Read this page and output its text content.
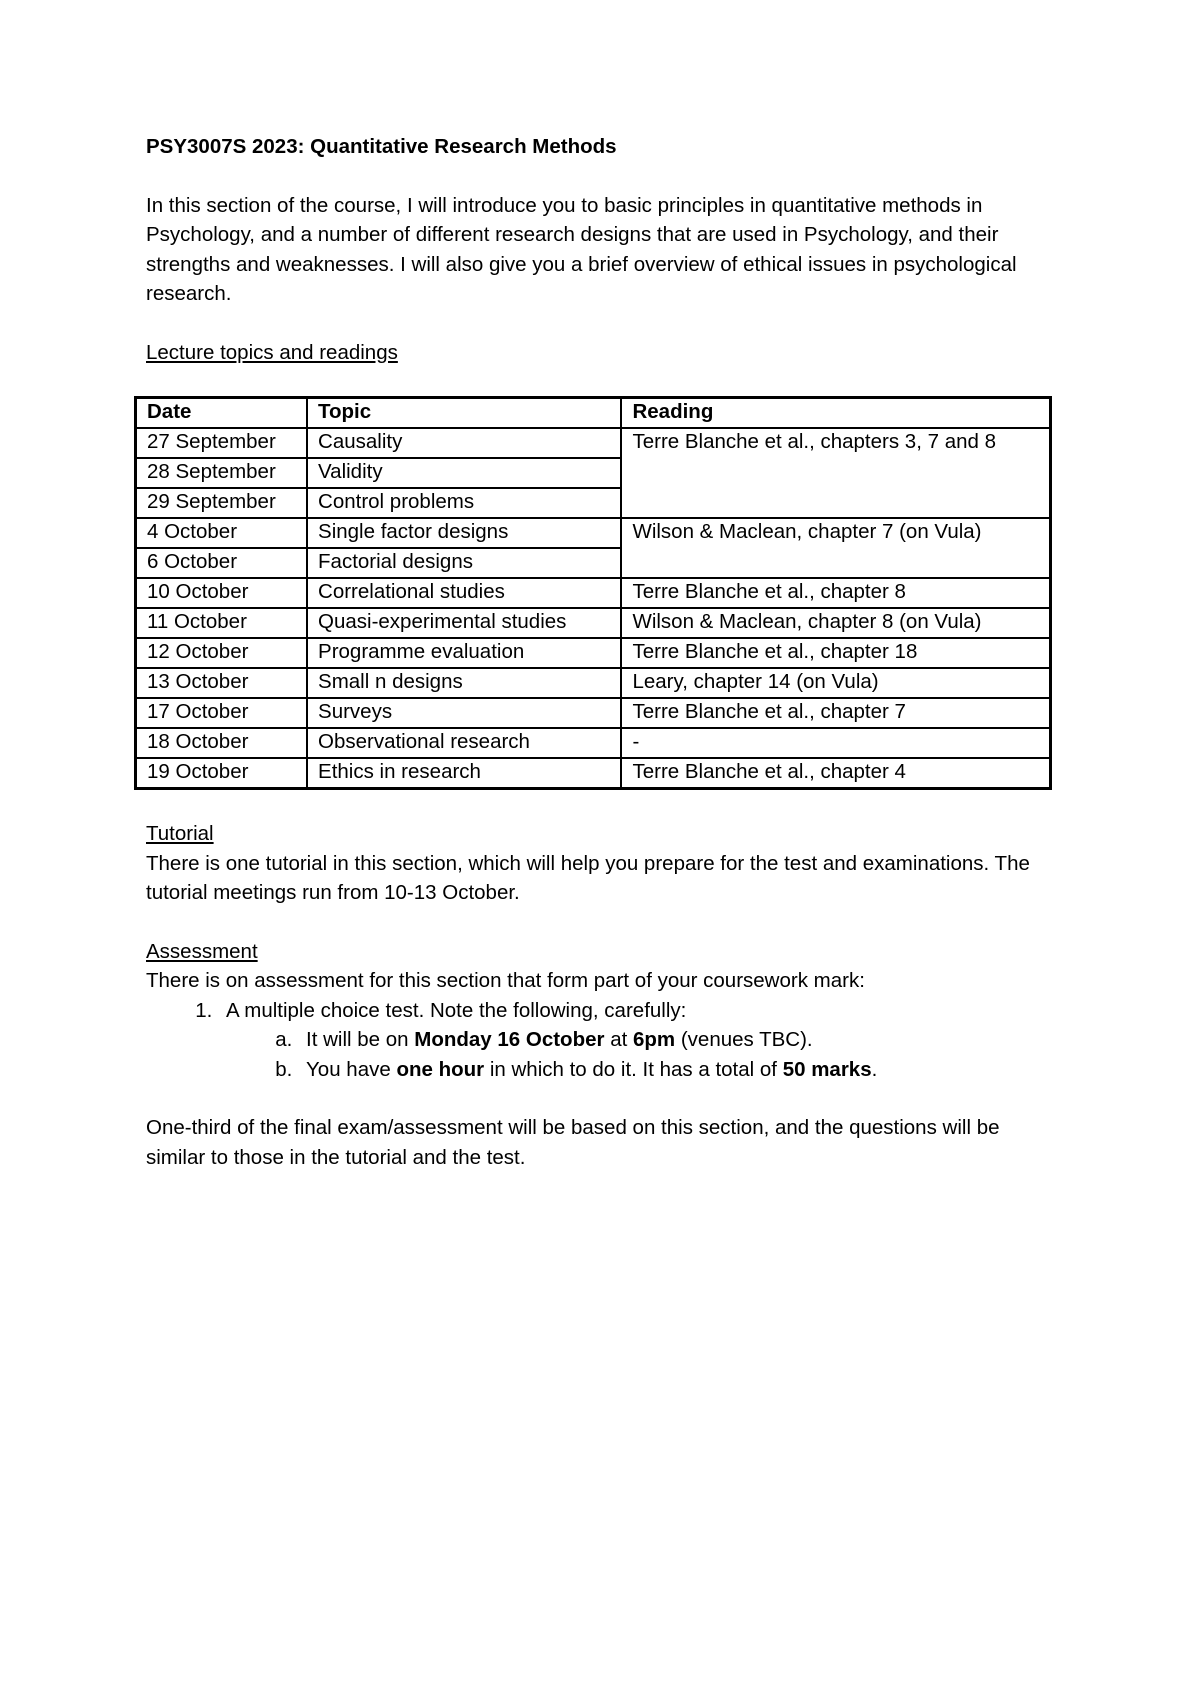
PSY3007S 2023: Quantitative Research Methods
In this section of the course, I will introduce you to basic principles in quantitative methods in Psychology, and a number of different research designs that are used in Psychology, and their strengths and weaknesses. I will also give you a brief overview of ethical issues in psychological research.
Lecture topics and readings
Date	Topic	Reading
27 September	Causality	Terre Blanche et al., chapters 3, 7 and 8
28 September	Validity	
29 September	Control problems	
4 October	Single factor designs	Wilson & Maclean, chapter 7 (on Vula)
6 October	Factorial designs	
10 October	Correlational studies	Terre Blanche et al., chapter 8
11 October	Quasi-experimental studies	Wilson & Maclean, chapter 8 (on Vula)
12 October	Programme evaluation	Terre Blanche et al., chapter 18
13 October	Small n designs	Leary, chapter 14 (on Vula)
17 October	Surveys	Terre Blanche et al., chapter 7
18 October	Observational research	-
19 October	Ethics in research	Terre Blanche et al., chapter 4
Tutorial
There is one tutorial in this section, which will help you prepare for the test and examinations. The tutorial meetings run from 10-13 October.
Assessment
There is on assessment for this section that form part of your coursework mark:
1. A multiple choice test. Note the following, carefully:
a. It will be on Monday 16 October at 6pm (venues TBC).
b. You have one hour in which to do it. It has a total of 50 marks.
One-third of the final exam/assessment will be based on this section, and the questions will be similar to those in the tutorial and the test.
